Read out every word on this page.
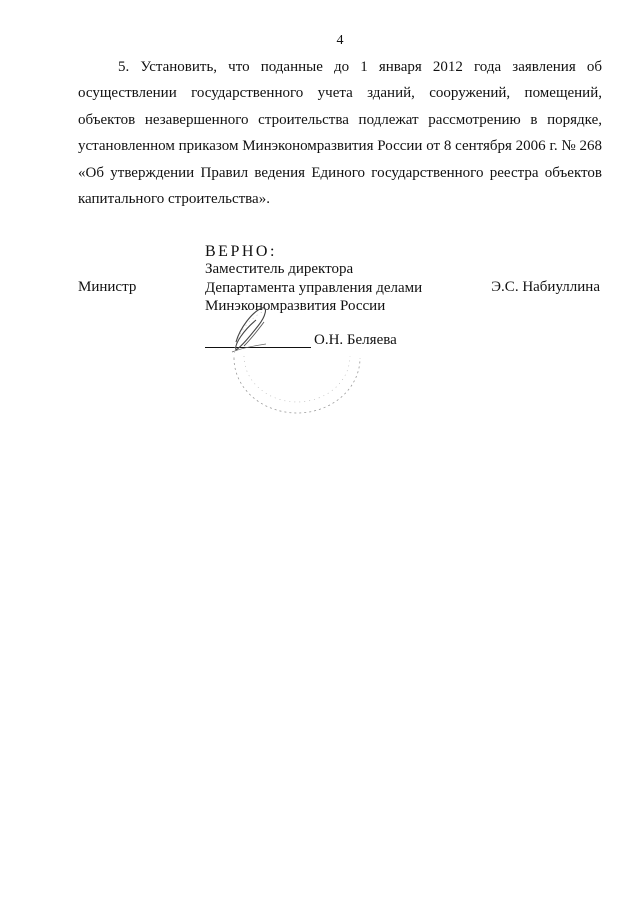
4

5. Установить, что поданные до 1 января 2012 года заявления об осуществлении государственного учета зданий, сооружений, помещений, объектов незавершенного строительства подлежат рассмотрению в порядке, установленном приказом Минэкономразвития России от 8 сентября 2006 г. № 268 «Об утверждении Правил ведения Единого государственного реестра объектов капитального строительства».

ВЕРНО:
Заместитель директора
Департамента управления делами
Минэкономразвития России
Министр	Э.С. Набиуллина
О.Н. Беляева
